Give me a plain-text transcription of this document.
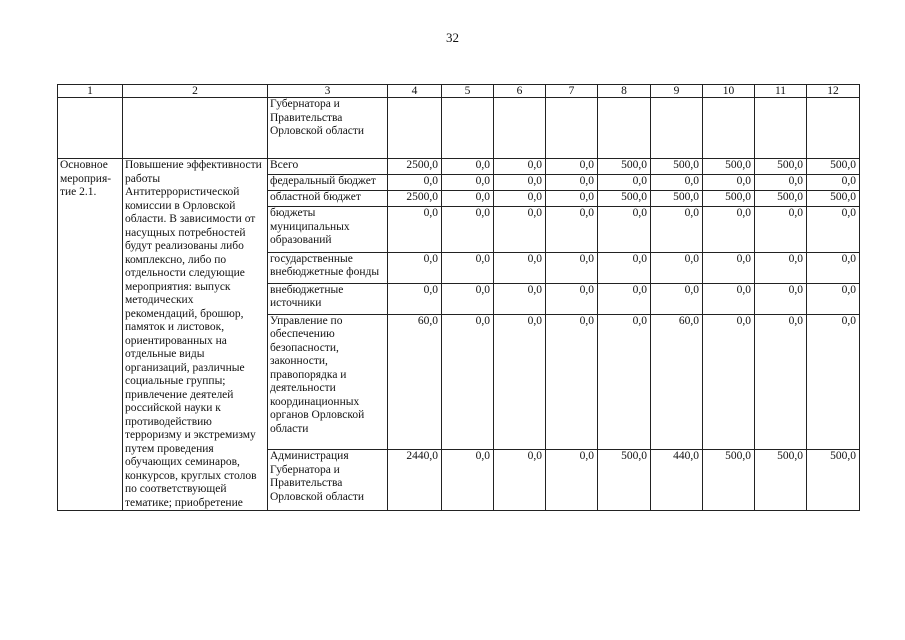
32
1	2	3	4	5	6	7	8	9	10	11	12
		Губернатора и Правительства Орловской области									
Основное мероприя-тие 2.1.	Повышение эффективности работы Антитеррористической комиссии в Орловской области. В зависимости от насущных потребностей будут реализованы либо комплексно, либо по отдельности следующие мероприятия: выпуск методических рекомендаций, брошюр, памяток и листовок, ориентированных на отдельные виды организаций, различные социальные группы; привлечение деятелей российской науки к противодействию терроризму и экстремизму путем проведения обучающих семинаров, конкурсов, круглых столов по соответствующей тематике; приобретение	Всего	2500,0	0,0	0,0	0,0	500,0	500,0	500,0	500,0	500,0
		федеральный бюджет	0,0	0,0	0,0	0,0	0,0	0,0	0,0	0,0	0,0
		областной бюджет	2500,0	0,0	0,0	0,0	500,0	500,0	500,0	500,0	500,0
		бюджеты муниципальных образований	0,0	0,0	0,0	0,0	0,0	0,0	0,0	0,0	0,0
		государственные внебюджетные фонды	0,0	0,0	0,0	0,0	0,0	0,0	0,0	0,0	0,0
		внебюджетные источники	0,0	0,0	0,0	0,0	0,0	0,0	0,0	0,0	0,0
		Управление по обеспечению безопасности, законности, правопорядка и деятельности координационных органов Орловской области	60,0	0,0	0,0	0,0	0,0	60,0	0,0	0,0	0,0
		Администрация Губернатора и Правительства Орловской области	2440,0	0,0	0,0	0,0	500,0	440,0	500,0	500,0	500,0
